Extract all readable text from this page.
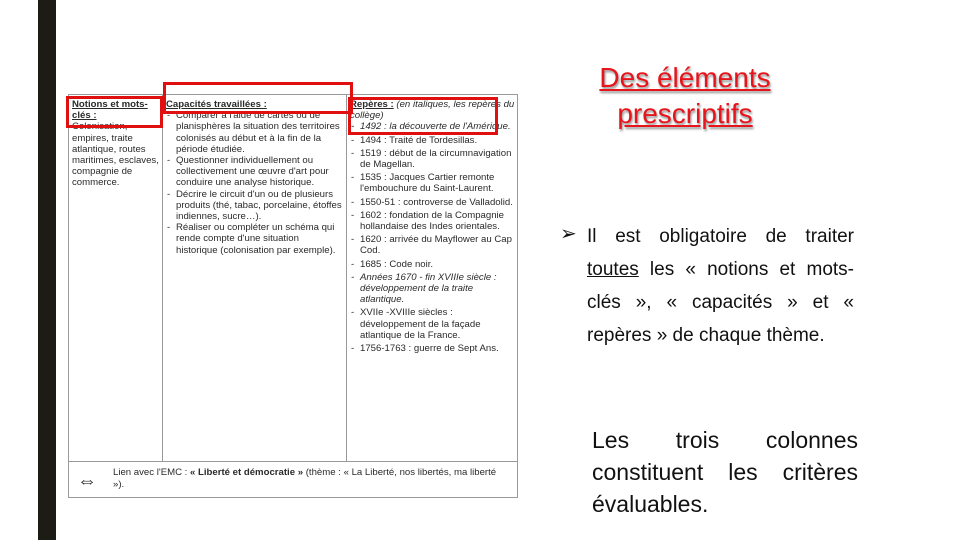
Notions et mots-clés :
Colonisation, empires, traite atlantique, routes maritimes, esclaves, compagnie de commerce.
Capacités travaillées :
- Comparer à l'aide de cartes ou de planisphères la situation des territoires colonisés au début et à la fin de la période étudiée.
- Questionner individuellement ou collectivement une œuvre d'art pour conduire une analyse historique.
- Décrire le circuit d'un ou de plusieurs produits (thé, tabac, porcelaine, étoffes indiennes, sucre…).
- Réaliser ou compléter un schéma qui rende compte d'une situation historique (colonisation par exemple).
Repères : (en italiques, les repères du collège)
- 1492 : la découverte de l'Amérique.
- 1494 : Traité de Tordesillas.
- 1519 : début de la circumnavigation de Magellan.
- 1535 : Jacques Cartier remonte l'embouchure du Saint-Laurent.
- 1550-51 : controverse de Valladolid.
- 1602 : fondation de la Compagnie hollandaise des Indes orientales.
- 1620 : arrivée du Mayflower au Cap Cod.
- 1685 : Code noir.
- Années 1670 - fin XVIIIe siècle : développement de la traite atlantique.
- XVIIe -XVIIIe siècles : développement de la façade atlantique de la France.
- 1756-1763 : guerre de Sept Ans.
⇔ Lien avec l'EMC : « Liberté et démocratie » (thème : « La Liberté, nos libertés, ma liberté »).
Des éléments
prescriptifs
➢ Il est obligatoire de traiter toutes les « notions et mots-clés », « capacités » et « repères » de chaque thème.
Les trois colonnes constituent les critères évaluables.
